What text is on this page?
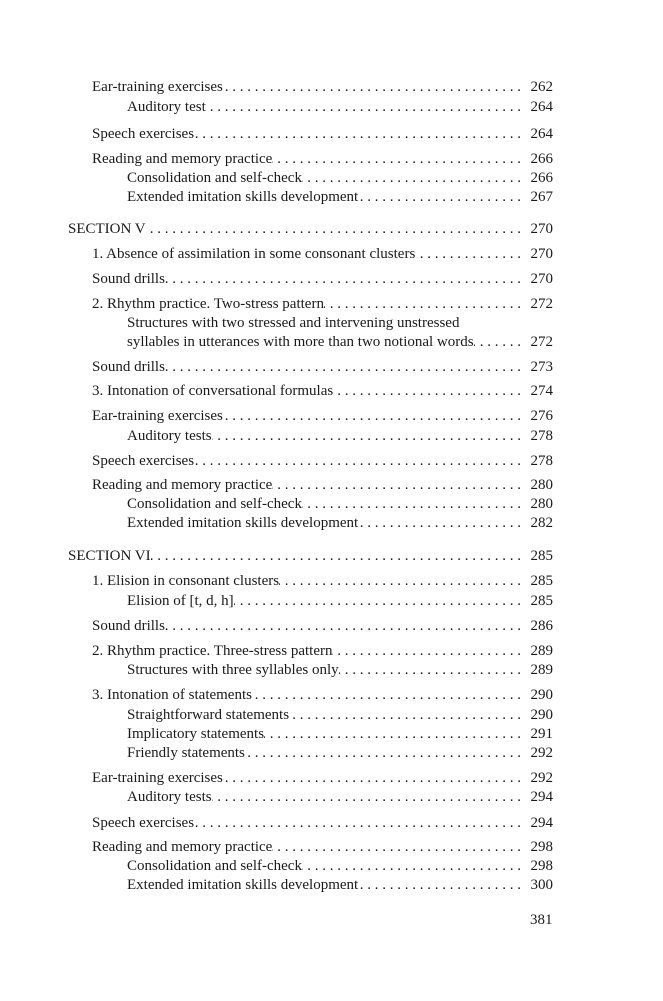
Ear-training exercises . . .	262
Auditory test . . .	264
Speech exercises . . .	264
Reading and memory practice . . .	266
Consolidation and self-check . . .	266
Extended imitation skills development . . .	267
SECTION V . . .	270
1. Absence of assimilation in some consonant clusters . . .	270
Sound drills . . .	270
2. Rhythm practice. Two-stress pattern . . .	272
Structures with two stressed and intervening unstressed
syllables in utterances with more than two notional words . . .	272
Sound drills . . .	273
3. Intonation of conversational formulas . . .	274
Ear-training exercises . . .	276
Auditory tests . . .	278
Speech exercises . . .	278
Reading and memory practice . . .	280
Consolidation and self-check . . .	280
Extended imitation skills development . . .	282
SECTION VI . . .	285
1. Elision in consonant clusters . . .	285
Elision of [t, d, h] . . .	285
Sound drills . . .	286
2. Rhythm practice. Three-stress pattern . . .	289
Structures with three syllables only . . .	289
3. Intonation of statements . . .	290
Straightforward statements . . .	290
Implicatory statements . . .	291
Friendly statements . . .	292
Ear-training exercises . . .	292
Auditory tests . . .	294
Speech exercises . . .	294
Reading and memory practice . . .	298
Consolidation and self-check . . .	298
Extended imitation skills development . . .	300
381
